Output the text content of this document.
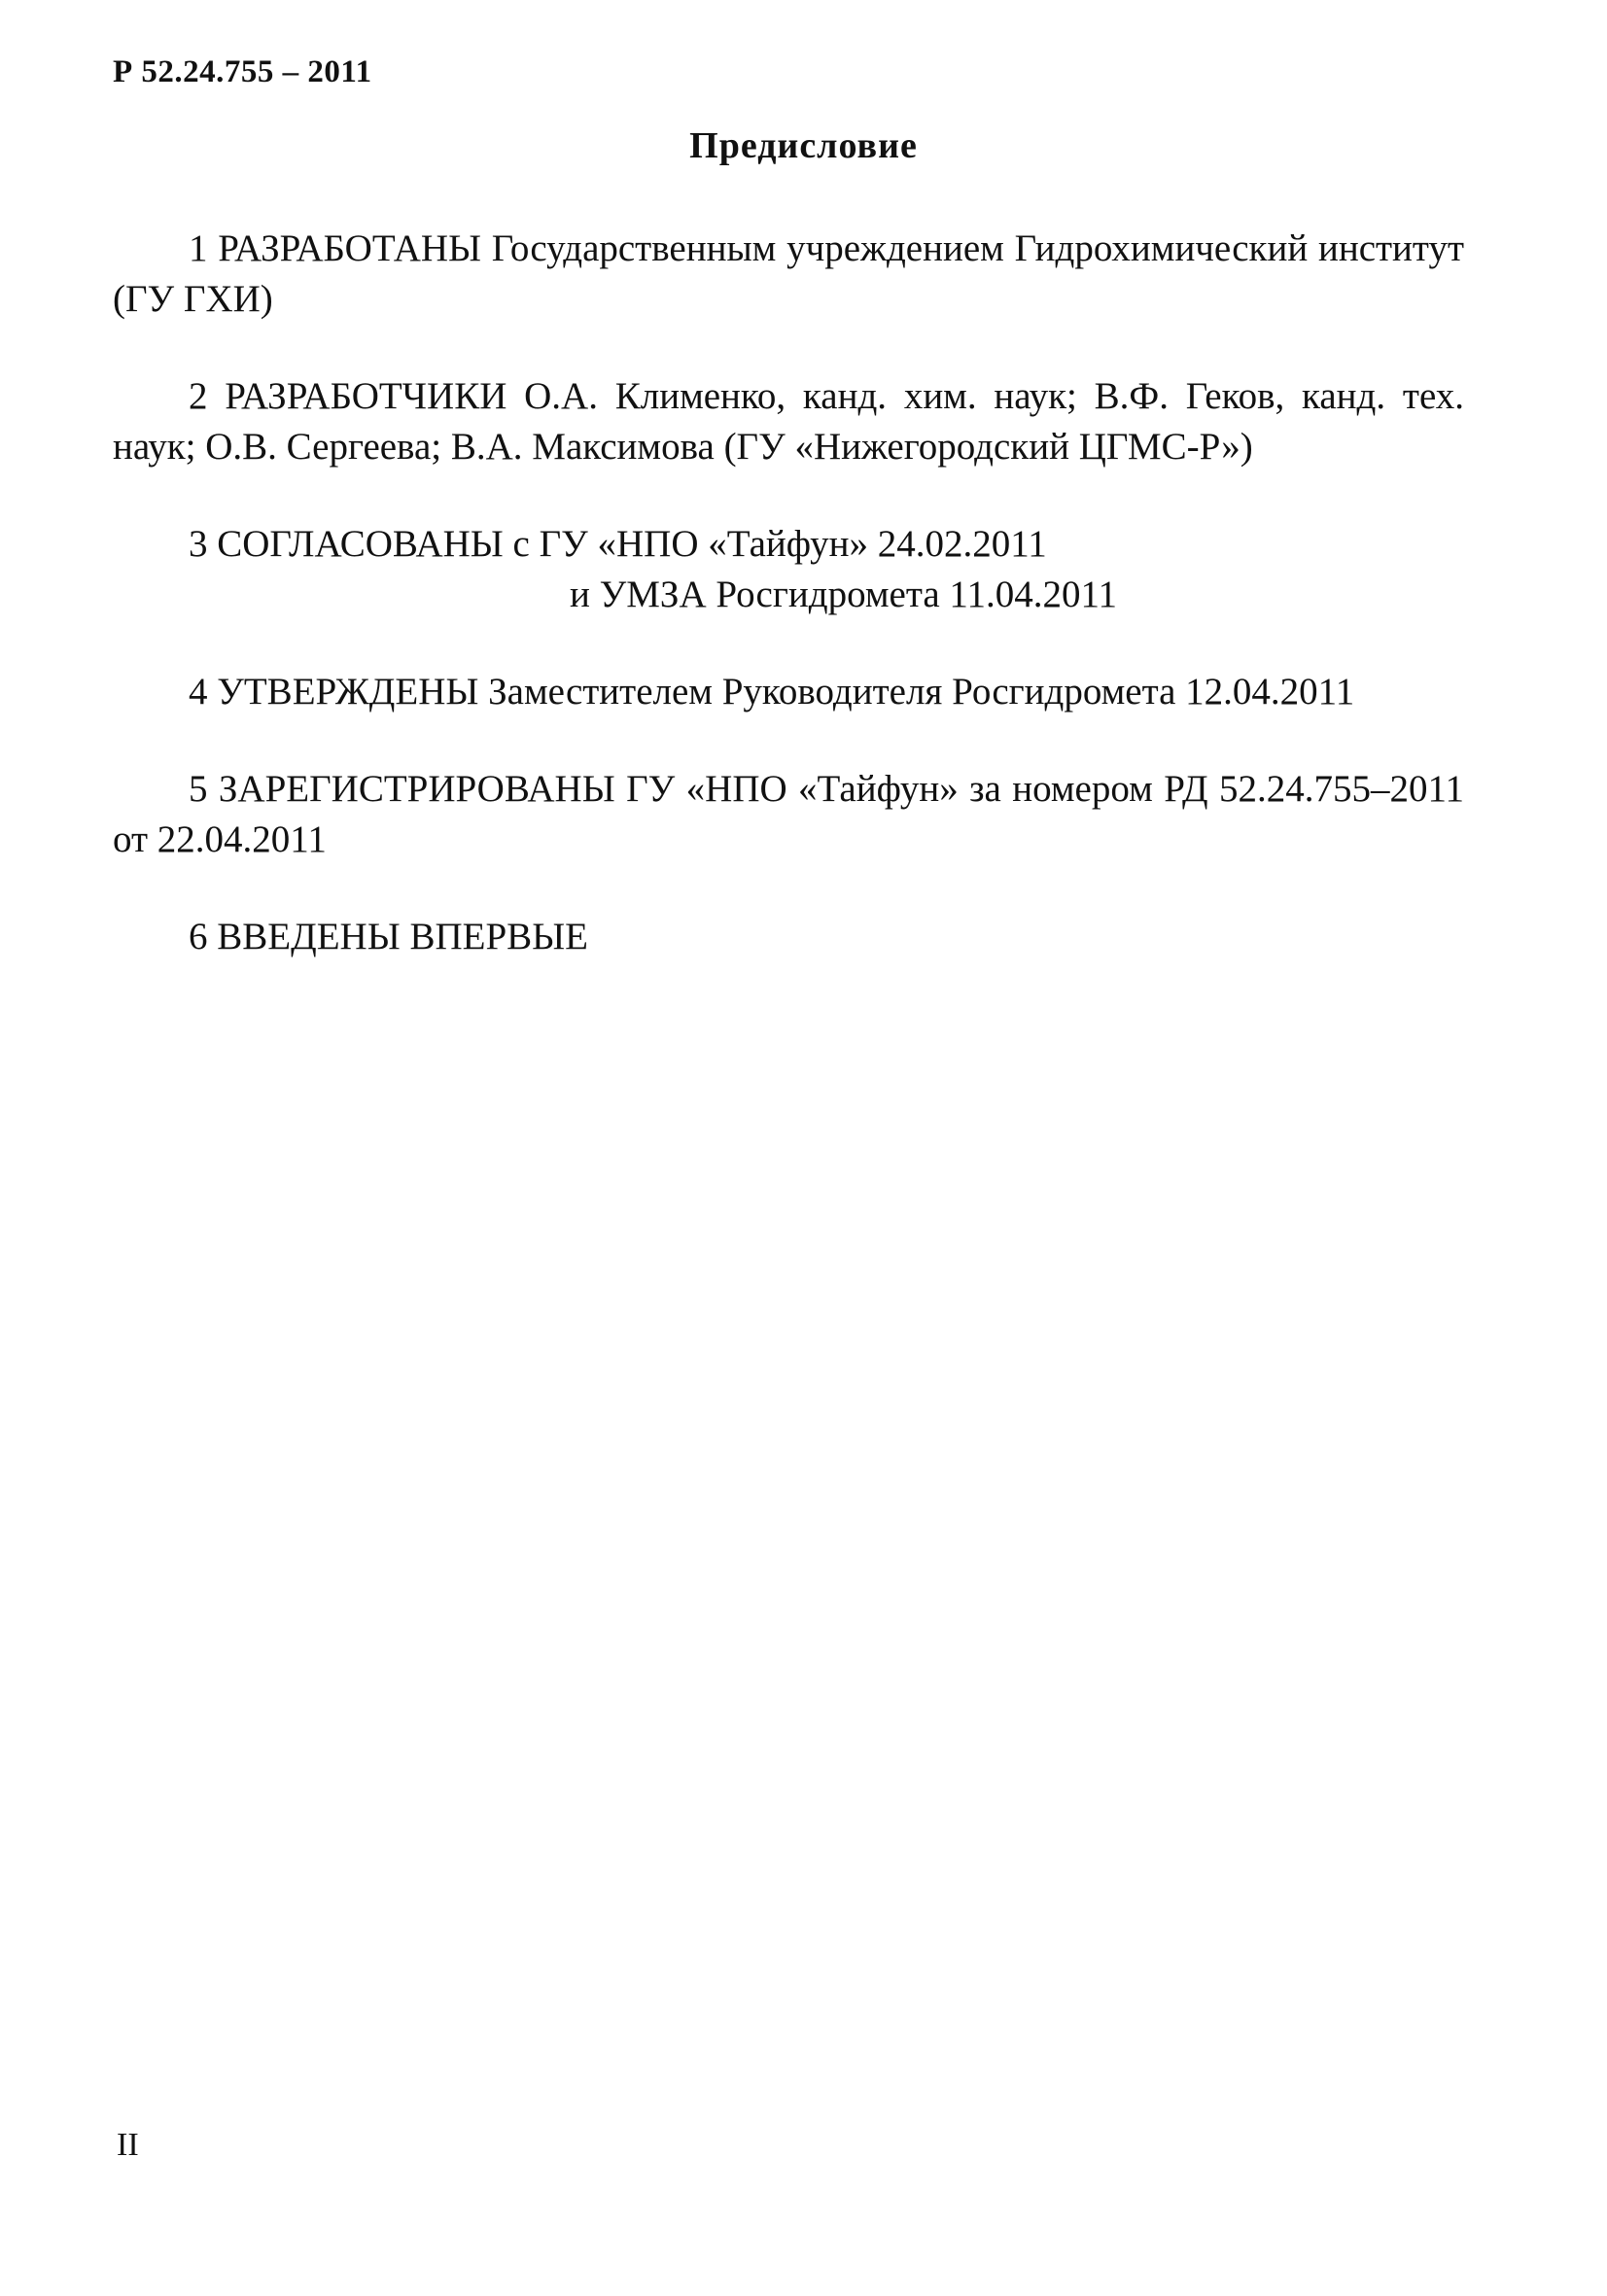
Р 52.24.755 – 2011
Предисловие

1 РАЗРАБОТАНЫ Государственным учреждением Гидрохимический институт (ГУ ГХИ)

2 РАЗРАБОТЧИКИ О.А. Клименко, канд. хим. наук; В.Ф. Геков, канд. тех. наук; О.В. Сергеева; В.А. Максимова (ГУ «Нижегородский ЦГМС-Р»)

3 СОГЛАСОВАНЫ с ГУ «НПО «Тайфун» 24.02.2011
и УМЗА Росгидромета 11.04.2011

4 УТВЕРЖДЕНЫ Заместителем Руководителя Росгидромета 12.04.2011

5 ЗАРЕГИСТРИРОВАНЫ ГУ «НПО «Тайфун» за номером РД 52.24.755–2011 от 22.04.2011

6 ВВЕДЕНЫ ВПЕРВЫЕ

II
